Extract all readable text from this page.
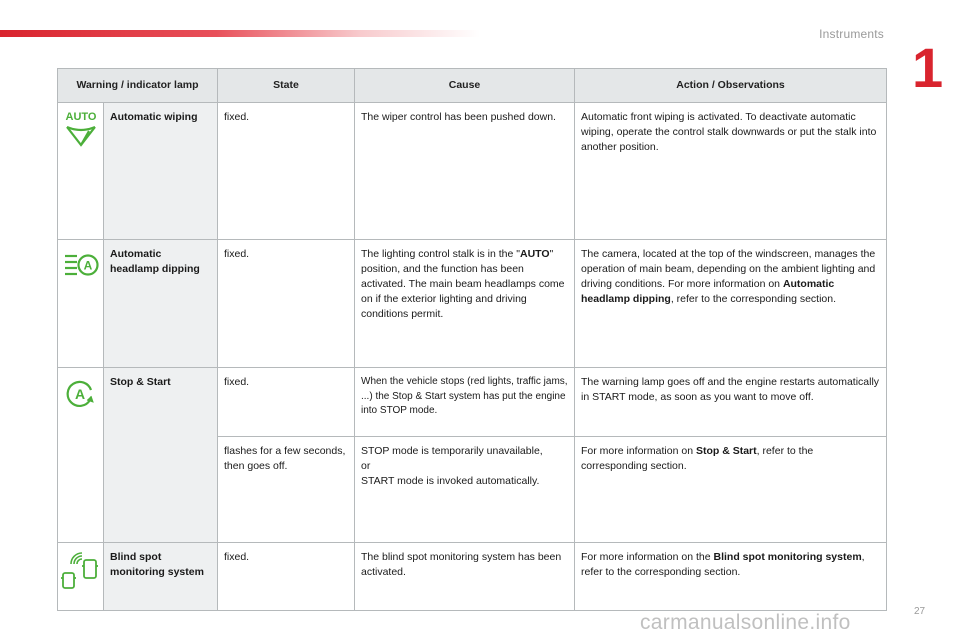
Instruments
1
Warning / indicator lamp		State	Cause	Action / Observations

AUTO	Automatic wiping	fixed.	The wiper control has been pushed down.	Automatic front wiping is activated. To deactivate automatic wiping, operate the control stalk downwards or put the stalk into another position.

A	Automatic headlamp dipping	fixed.	The lighting control stalk is in the "AUTO" position, and the function has been activated. The main beam headlamps come on if the exterior lighting and driving conditions permit.	The camera, located at the top of the windscreen, manages the operation of main beam, depending on the ambient lighting and driving conditions. For more information on Automatic headlamp dipping, refer to the corresponding section.

A	Stop & Start	fixed.	When the vehicle stops (red lights, traffic jams, ...) the Stop & Start system has put the engine into STOP mode.	The warning lamp goes off and the engine restarts automatically in START mode, as soon as you want to move off.
		flashes for a few seconds, then goes off.	STOP mode is temporarily unavailable,
or
START mode is invoked automatically.	For more information on Stop & Start, refer to the corresponding section.

	Blind spot monitoring system	fixed.	The blind spot monitoring system has been activated.	For more information on the Blind spot monitoring system, refer to the corresponding section.
carmanualsonline.info	27
